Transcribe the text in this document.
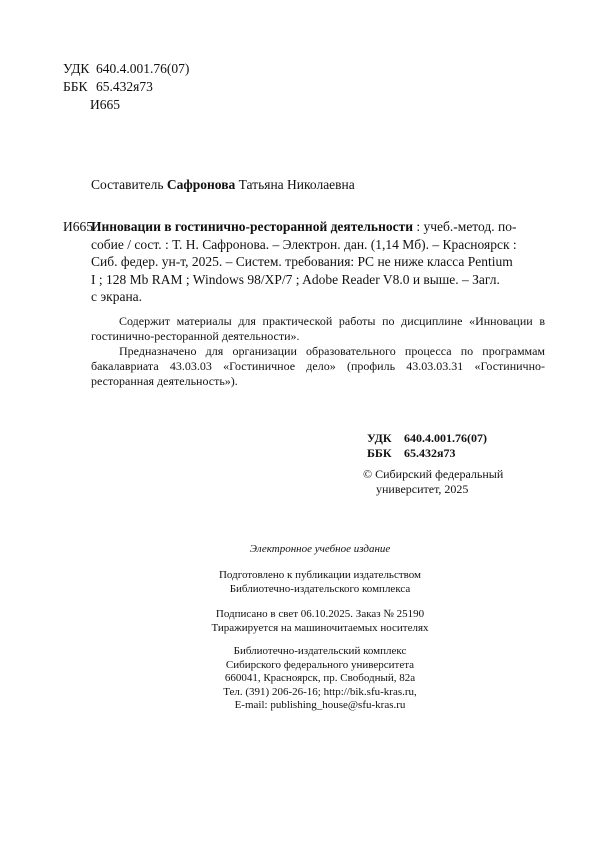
УДК 640.4.001.76(07)
ББК 65.432я73
И665
Составитель Сафронова Татьяна Николаевна

И665Инновации в гостинично-ресторанной деятельности : учеб.-метод. по-

собие / сост. : Т. Н. Сафронова. – Электрон. дан. (1,14 Мб). – Красноярск :

Сиб. федер. ун-т, 2025. – Систем. требования: PC не ниже класса Pentium

I ; 128 Mb RAM ; Windows 98/XP/7 ; Adobe Reader V8.0 и выше. – Загл.

с экрана.

Содержит материалы для практической работы по дисциплине «Инновации в гостинично-ресторанной деятельности».

Предназначено для организации образовательного процесса по программам бакалавриата 43.03.03 «Гостиничное дело» (профиль 43.03.03.31 «Гостинично-ресторанная деятельность»).

УДК	640.4.001.76(07)
ББК	65.432я73
© Сибирский федеральный
университет, 2025
Электронное учебное издание
Подготовлено к публикации издательством
Библиотечно-издательского комплекса
Подписано в свет 06.10.2025. Заказ № 25190
Тиражируется на машиночитаемых носителях
Библиотечно-издательский комплекс
Сибирского федерального университета
660041, Красноярск, пр. Свободный, 82а
Тел. (391) 206-26-16; http://bik.sfu-kras.ru,
E-mail: publishing_house@sfu-kras.ru
